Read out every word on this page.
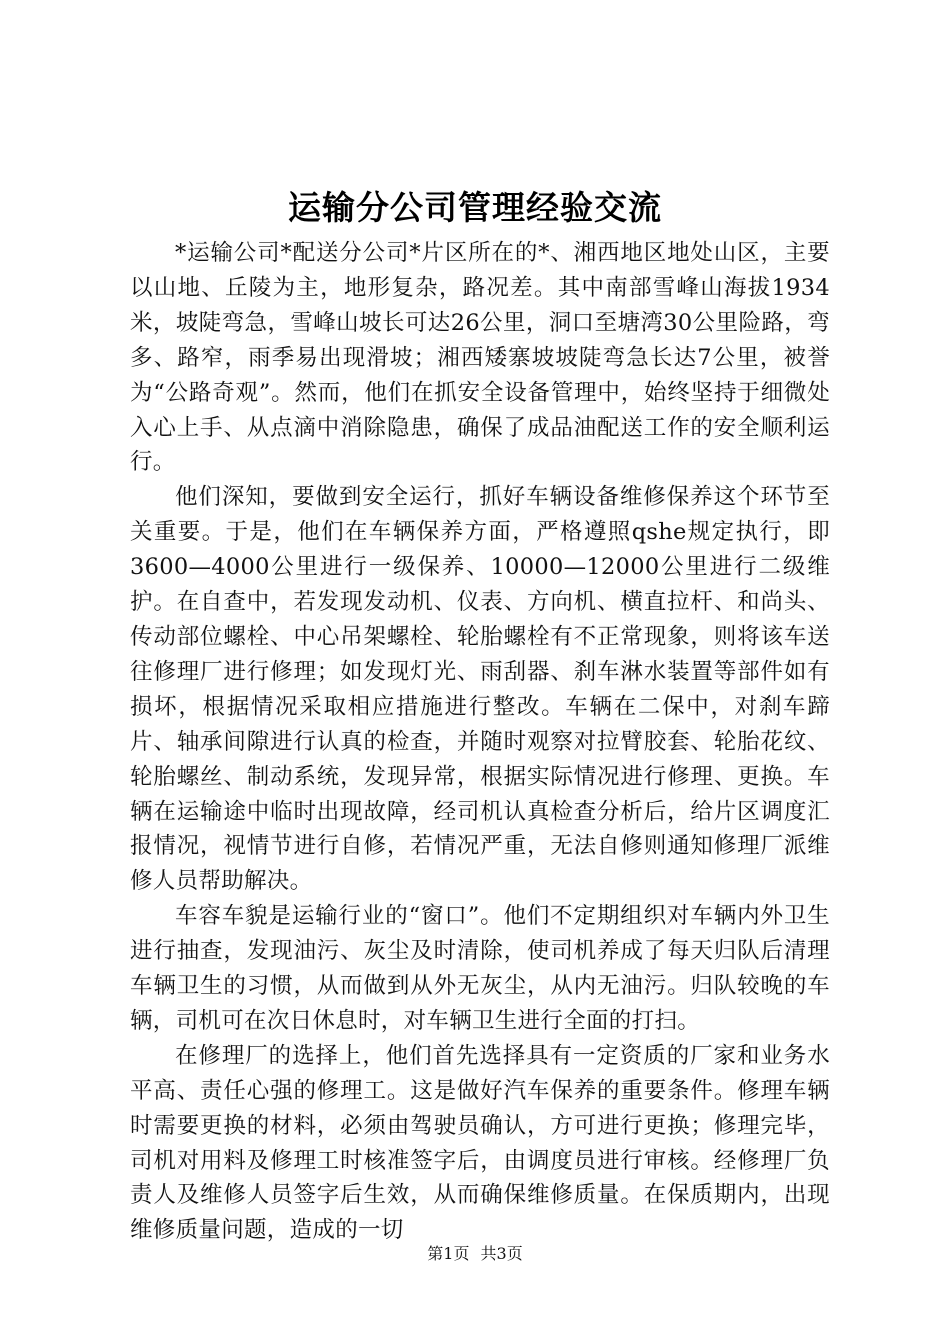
运输分公司管理经验交流

*运输公司*配送分公司*片区所在的*、湘西地区地处山区，主要以山地、丘陵为主，地形复杂，路况差。其中南部雪峰山海拔1934米，坡陡弯急，雪峰山坡长可达26公里，洞口至塘湾30公里险路，弯多、路窄，雨季易出现滑坡；湘西矮寨坡坡陡弯急长达7公里，被誉为“公路奇观”。然而，他们在抓安全设备管理中，始终坚持于细微处入心上手、从点滴中消除隐患，确保了成品油配送工作的安全顺利运行。

他们深知，要做到安全运行，抓好车辆设备维修保养这个环节至关重要。于是，他们在车辆保养方面，严格遵照qshe规定执行，即3600—4000公里进行一级保养、10000—12000公里进行二级维护。在自查中，若发现发动机、仪表、方向机、横直拉杆、和尚头、传动部位螺栓、中心吊架螺栓、轮胎螺栓有不正常现象，则将该车送往修理厂进行修理；如发现灯光、雨刮器、刹车淋水装置等部件如有损坏，根据情况采取相应措施进行整改。车辆在二保中，对刹车蹄片、轴承间隙进行认真的检查，并随时观察对拉臂胶套、轮胎花纹、轮胎螺丝、制动系统，发现异常，根据实际情况进行修理、更换。车辆在运输途中临时出现故障，经司机认真检查分析后，给片区调度汇报情况，视情节进行自修，若情况严重，无法自修则通知修理厂派维修人员帮助解决。

车容车貌是运输行业的“窗口”。他们不定期组织对车辆内外卫生进行抽查，发现油污、灰尘及时清除，使司机养成了每天归队后清理车辆卫生的习惯，从而做到从外无灰尘，从内无油污。归队较晚的车辆，司机可在次日休息时，对车辆卫生进行全面的打扫。

在修理厂的选择上，他们首先选择具有一定资质的厂家和业务水平高、责任心强的修理工。这是做好汽车保养的重要条件。修理车辆时需要更换的材料，必须由驾驶员确认，方可进行更换；修理完毕，司机对用料及修理工时核准签字后，由调度员进行审核。经修理厂负责人及维修人员签字后生效，从而确保维修质量。在保质期内，出现维修质量问题，造成的一切

第1页 共3页
